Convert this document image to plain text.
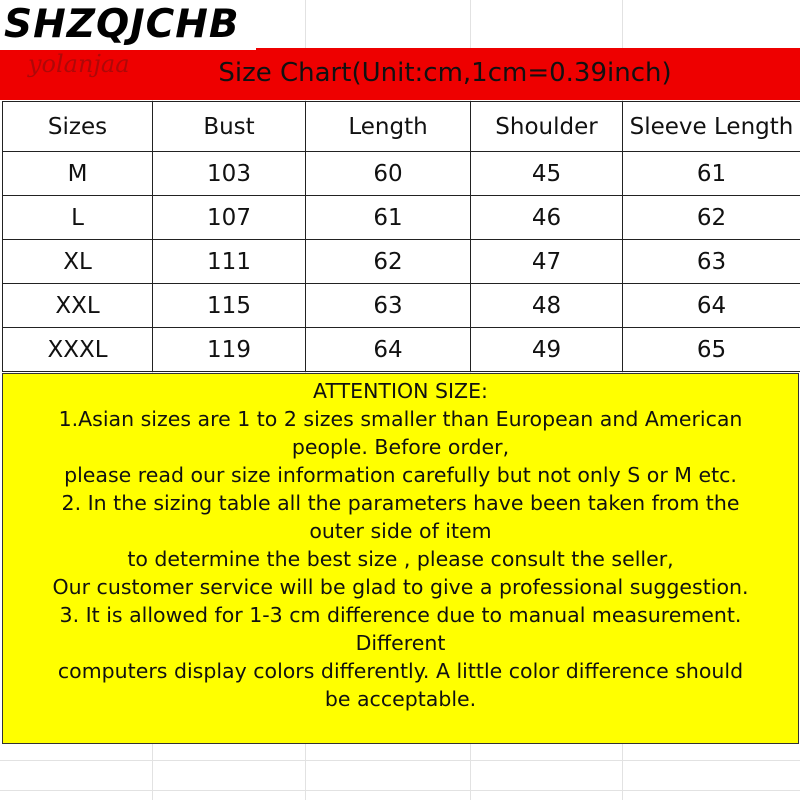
SHZQJCHB
yolanjaa	Size Chart(Unit:cm,1cm=0.39inch)
Sizes	Bust	Length	Shoulder	Sleeve Length
M	103	60	45	61
L	107	61	46	62
XL	111	62	47	63
XXL	115	63	48	64
XXXL	119	64	49	65

ATTENTION SIZE:

1.Asian sizes are 1 to 2 sizes smaller than European and American

people. Before order,

please read our size information carefully but not only S or M etc.

2. In the sizing table all the parameters have been taken from the

outer side of item

to determine the best size , please consult the seller,

Our customer service will be glad to give a professional suggestion.

3. It is allowed for 1-3 cm difference due to manual measurement.

Different

computers display colors differently. A little color difference should

be acceptable.
